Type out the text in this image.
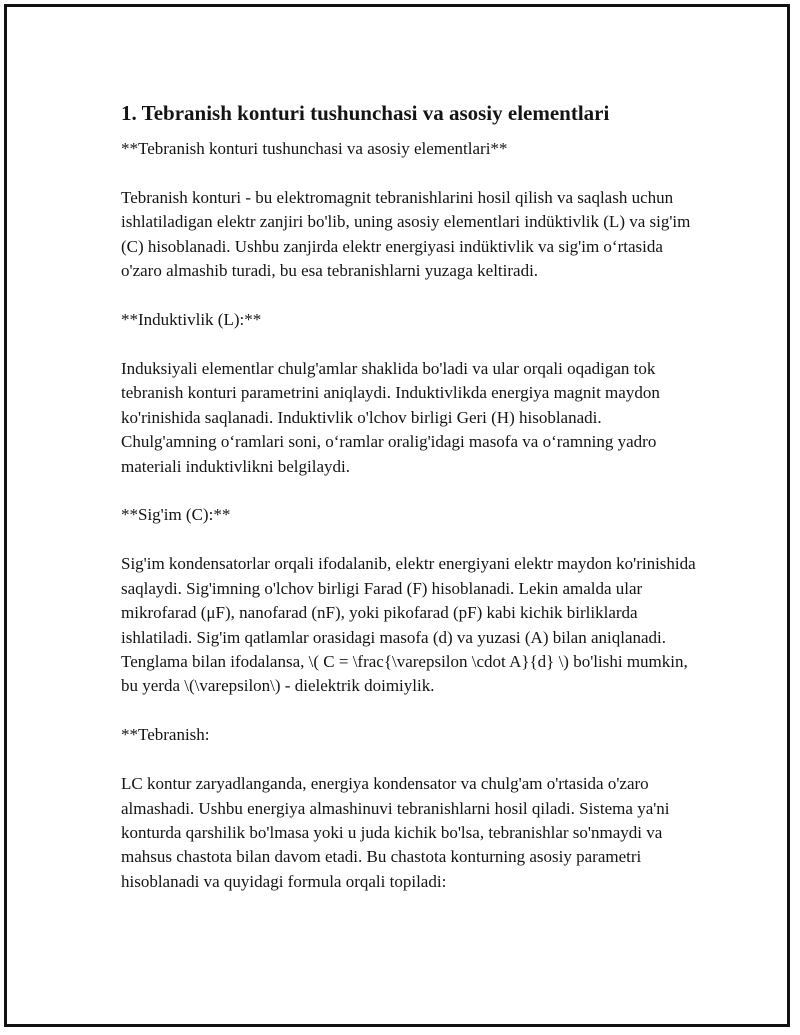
1. Tebranish konturi tushunchasi va asosiy elementlari
**Tebranish konturi tushunchasi va asosiy elementlari**
Tebranish konturi - bu elektromagnit tebranishlarini hosil qilish va saqlash uchun ishlatiladigan elektr zanjiri bo'lib, uning asosiy elementlari indüktivlik (L) va sig'im (C) hisoblanadi. Ushbu zanjirda elektr energiyasi indüktivlik va sig'im o‘rtasida o'zaro almashib turadi, bu esa tebranishlarni yuzaga keltiradi.
**Induktivlik (L):**
Induksiyali elementlar chulg'amlar shaklida bo'ladi va ular orqali oqadigan tok tebranish konturi parametrini aniqlaydi. Induktivlikda energiya magnit maydon ko'rinishida saqlanadi. Induktivlik o'lchov birligi Geri (H) hisoblanadi. Chulg'amning o‘ramlari soni, o‘ramlar oralig'idagi masofa va o‘ramning yadro materiali induktivlikni belgilaydi.
**Sig'im (C):**
Sig'im kondensatorlar orqali ifodalanib, elektr energiyani elektr maydon ko'rinishida saqlaydi. Sig'imning o'lchov birligi Farad (F) hisoblanadi. Lekin amalda ular mikrofarad (μF), nanofarad (nF), yoki pikofarad (pF) kabi kichik birliklarda ishlatiladi. Sig'im qatlamlar orasidagi masofa (d) va yuzasi (A) bilan aniqlanadi. Tenglama bilan ifodalansa, \( C = \frac{\varepsilon \cdot A}{d} \) bo'lishi mumkin, bu yerda \(\varepsilon\) - dielektrik doimiylik.
**Tebranish:
LC kontur zaryadlanganda, energiya kondensator va chulg'am o'rtasida o'zaro almashadi. Ushbu energiya almashinuvi tebranishlarni hosil qiladi. Sistema ya'ni konturda qarshilik bo'lmasa yoki u juda kichik bo'lsa, tebranishlar so'nmaydi va mahsus chastota bilan davom etadi. Bu chastota konturning asosiy parametri hisoblanadi va quyidagi formula orqali topiladi:
